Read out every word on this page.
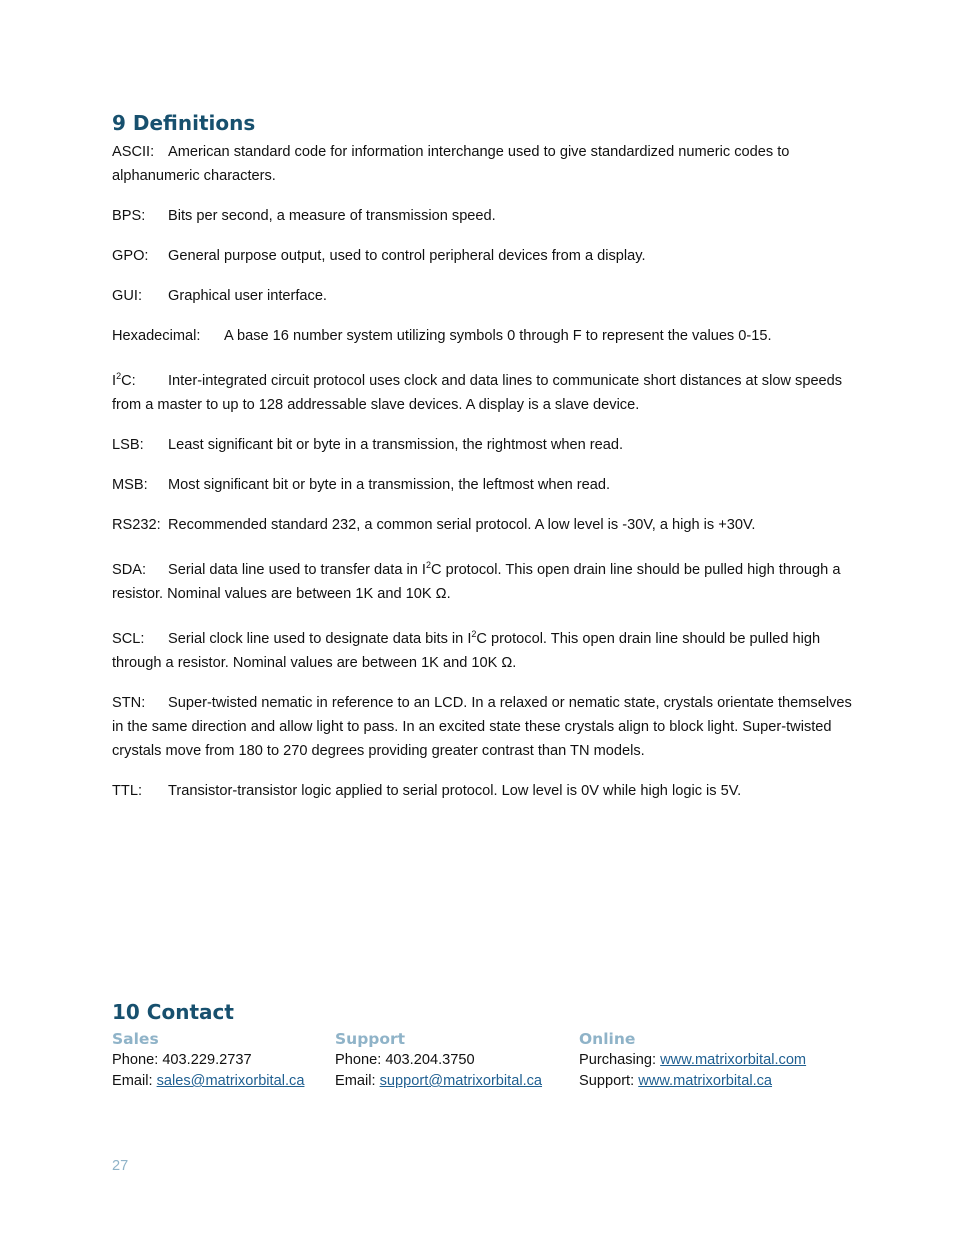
9 Definitions

ASCII: American standard code for information interchange used to give standardized numeric codes to alphanumeric characters.

BPS: Bits per second, a measure of transmission speed.

GPO: General purpose output, used to control peripheral devices from a display.

GUI: Graphical user interface.

Hexadecimal: A base 16 number system utilizing symbols 0 through F to represent the values 0-15.

$I^2C$: Inter-integrated circuit protocol uses clock and data lines to communicate short distances at slow speeds from a master to up to 128 addressable slave devices. A display is a slave device.

LSB: Least significant bit or byte in a transmission, the rightmost when read.

MSB: Most significant bit or byte in a transmission, the leftmost when read.

RS232: Recommended standard 232, a common serial protocol. A low level is -30V, a high is +30V.

SDA: Serial data line used to transfer data in $I^2C$ protocol. This open drain line should be pulled high through a resistor. Nominal values are between 1K and 10K Ω.

SCL: Serial clock line used to designate data bits in $I^2C$ protocol. This open drain line should be pulled high through a resistor. Nominal values are between 1K and 10K Ω.

STN: Super-twisted nematic in reference to an LCD. In a relaxed or nematic state, crystals orientate themselves in the same direction and allow light to pass. In an excited state these crystals align to block light. Super-twisted crystals move from 180 to 270 degrees providing greater contrast than TN models.

TTL: Transistor-transistor logic applied to serial protocol. Low level is 0V while high logic is 5V.

10 Contact
Sales
Phone: 403.229.2737
Email: sales@matrixorbital.ca
Support
Phone: 403.204.3750
Email: support@matrixorbital.ca
Online
Purchasing: www.matrixorbital.com
Support: www.matrixorbital.ca
27
